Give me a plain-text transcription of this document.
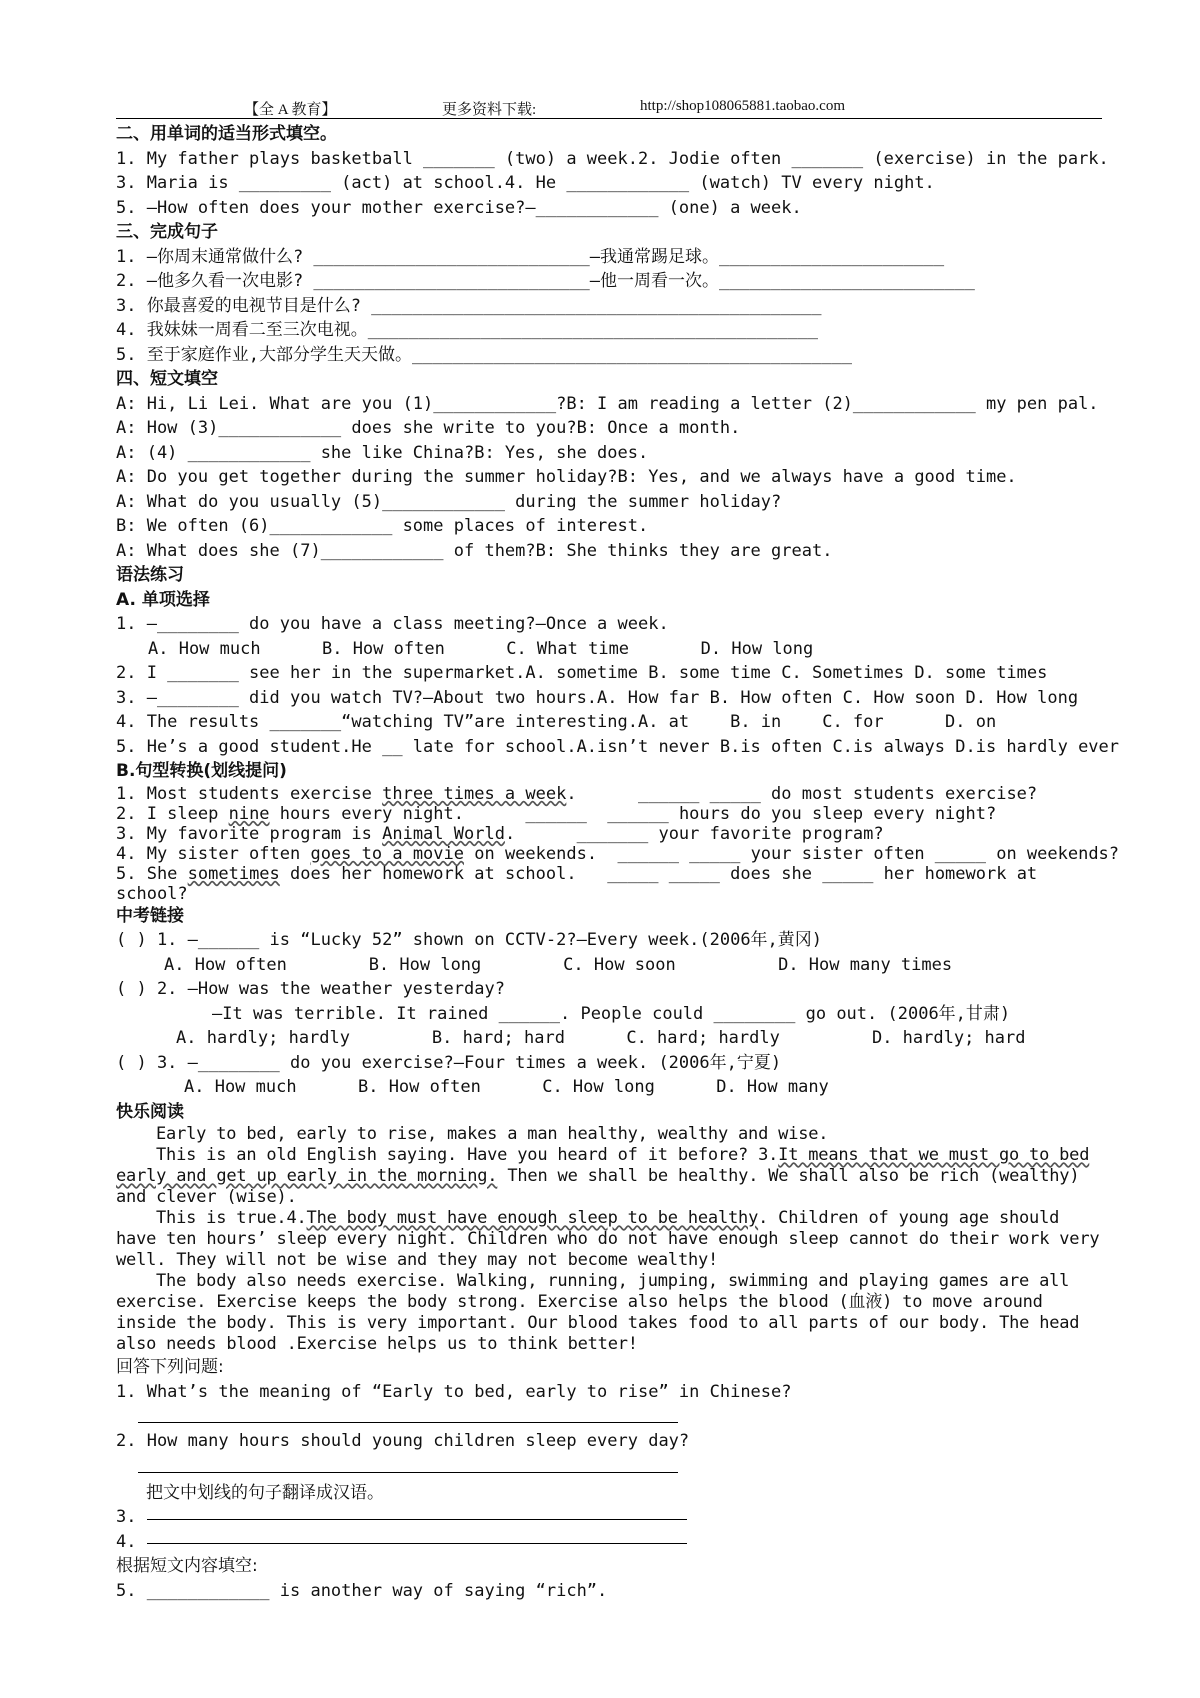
【全 A 教育】	更多资料下载:	http://shop108065881.taobao.com
二、用单词的适当形式填空。
1. My father plays basketball _______ (two) a week.2. Jodie often _______ (exercise) in the park.
3. Maria is _________ (act) at school.4. He ____________ (watch) TV every night.
5. —How often does your mother exercise?—____________ (one) a week.
三、完成句子
1. —你周末通常做什么? ___________________________—我通常踢足球。______________________
2. —他多久看一次电影? ___________________________—他一周看一次。_________________________
3. 你最喜爱的电视节目是什么? ____________________________________________
4. 我妹妹一周看二至三次电视。____________________________________________
5. 至于家庭作业,大部分学生天天做。___________________________________________
四、短文填空
A: Hi, Li Lei. What are you (1)____________?B: I am reading a letter (2)____________ my pen pal.
A: How (3)____________ does she write to you?B: Once a month.
A: (4) ____________ she like China?B: Yes, she does.
A: Do you get together during the summer holiday?B: Yes, and we always have a good time.
A: What do you usually (5)____________ during the summer holiday?
B: We often (6)____________ some places of interest.
A: What does she (7)____________ of them?B: She thinks they are great.
语法练习
A. 单项选择
1. —________ do you have a class meeting?—Once a week.
A. How much      B. How often      C. What time       D. How long
2. I _______ see her in the supermarket.A. sometime B. some time C. Sometimes D. some times
3. —________ did you watch TV?—About two hours.A. How far B. How often C. How soon D. How long
4. The results _______“watching TV”are interesting.A. at    B. in    C. for      D. on
5. He’s a good student.He __ late for school.A.isn’t never B.is often C.is always D.is hardly ever
B.句型转换(划线提问)
1. Most students exercise three times a week.      ______ _____ do most students exercise?
2. I sleep nine hours every night.      ______  ______ hours do you sleep every night?
3. My favorite program is Animal World.      _______ your favorite program?
4. My sister often goes to a movie on weekends.  ______ _____ your sister often _____ on weekends?
5. She sometimes does her homework at school.   _____ _____ does she _____ her homework at
school?
中考链接
( ) 1. —______ is “Lucky 52” shown on CCTV-2?—Every week.(2006年,黄冈)
A. How often        B. How long        C. How soon          D. How many times
( ) 2. —How was the weather yesterday?
—It was terrible. It rained ______. People could ________ go out. (2006年,甘肃)
A. hardly; hardly        B. hard; hard      C. hard; hardly         D. hardly; hard
( ) 3. —________ do you exercise?—Four times a week. (2006年,宁夏)
A. How much      B. How often      C. How long      D. How many
快乐阅读
Early to bed, early to rise, makes a man healthy, wealthy and wise.
This is an old English saying. Have you heard of it before? 3.It means that we must go to bed early and get up early in the morning. Then we shall be healthy. We shall also be rich (wealthy) and clever (wise).
This is true.4.The body must have enough sleep to be healthy. Children of young age should have ten hours’ sleep every night. Children who do not have enough sleep cannot do their work very well. They will not be wise and they may not become wealthy!
The body also needs exercise. Walking, running, jumping, swimming and playing games are all exercise. Exercise keeps the body strong. Exercise also helps the blood (血液) to move around inside the body. This is very important. Our blood takes food to all parts of our body. The head also needs blood .Exercise helps us to think better!
回答下列问题:
1. What’s the meaning of “Early to bed, early to rise” in Chinese?
2. How many hours should young children sleep every day?
把文中划线的句子翻译成汉语。
3.
4.
根据短文内容填空:
5. ____________ is another way of saying “rich”.
